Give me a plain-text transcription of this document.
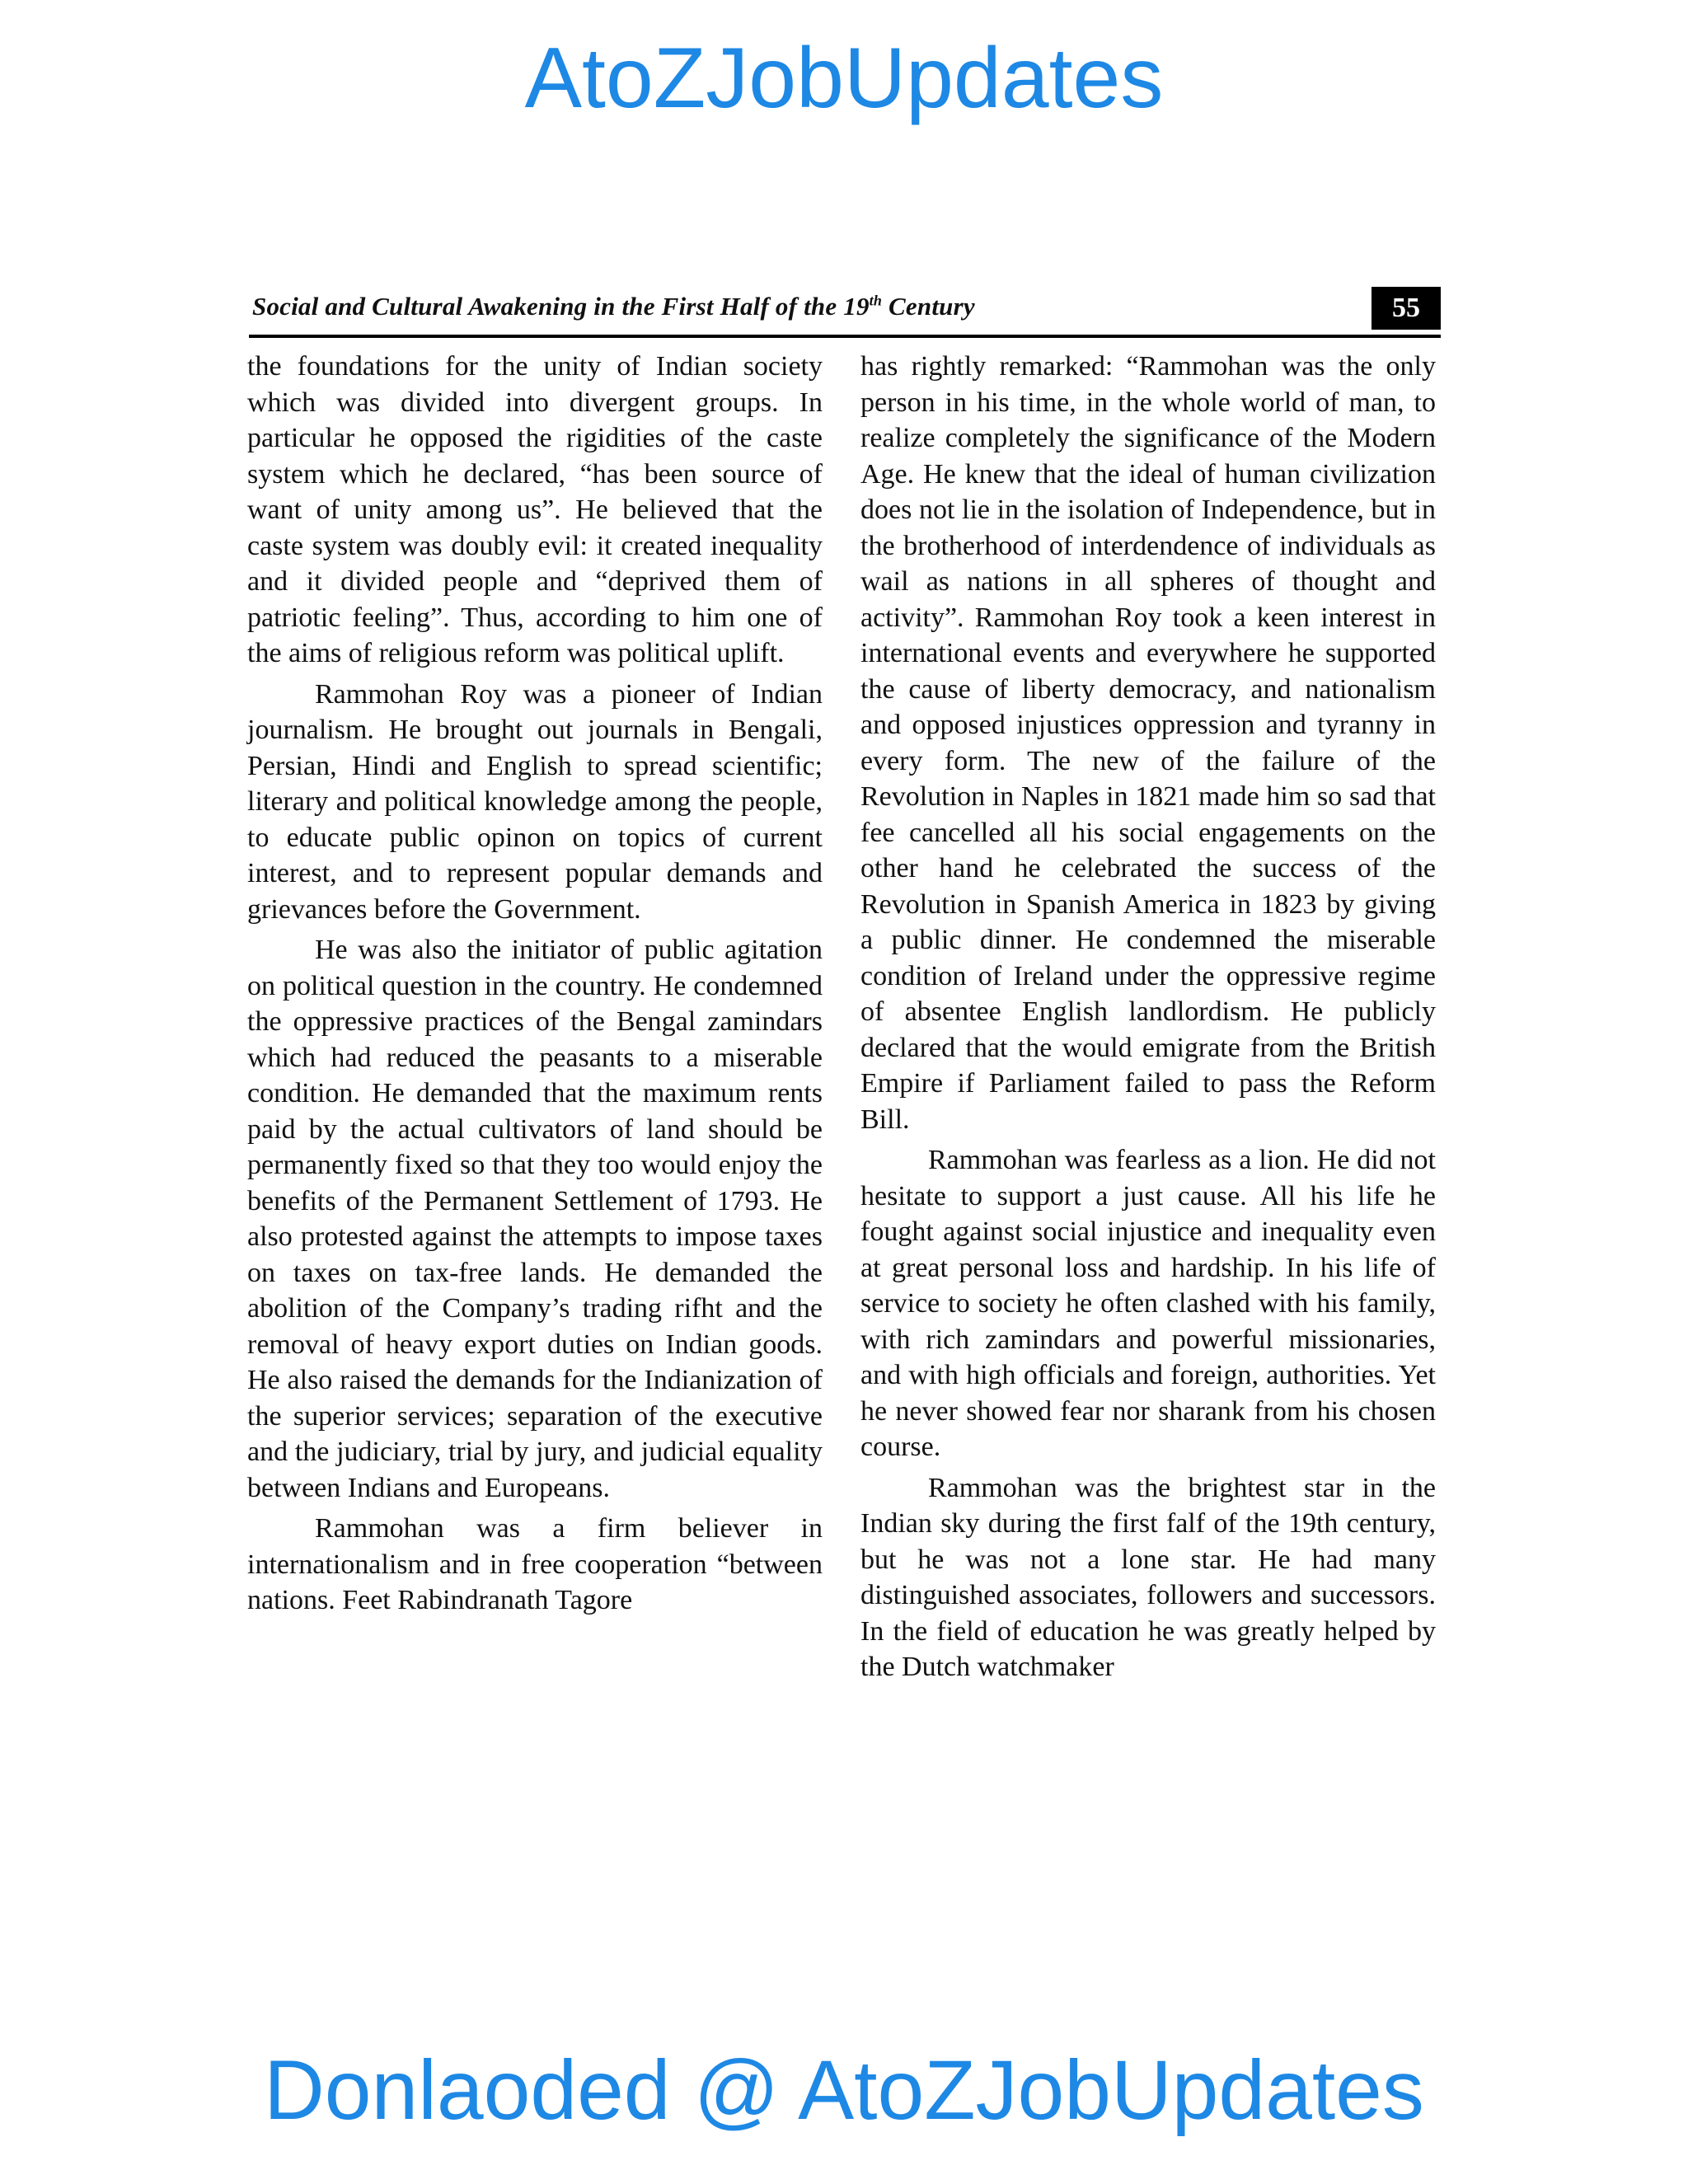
AtoZJobUpdates
Social and Cultural Awakening in the First Half of the 19th Century	55

the foundations for the unity of Indian society which was divided into divergent groups. In particular he opposed the rigidities of the caste system which he declared, “has been source of want of unity among us”. He believed that the caste system was doubly evil: it created inequality and it divided people and “deprived them of patriotic feeling”. Thus, according to him one of the aims of religious reform was political uplift.

Rammohan Roy was a pioneer of Indian journalism. He brought out journals in Bengali, Persian, Hindi and English to spread scientific; literary and political knowledge among the people, to educate public opinon on topics of current interest, and to represent popular demands and grievances before the Government.

He was also the initiator of public agitation on political question in the country. He condemned the oppressive practices of the Bengal zamindars which had reduced the peasants to a miserable condition. He demanded that the maximum rents paid by the actual cultivators of land should be permanently fixed so that they too would enjoy the benefits of the Permanent Settlement of 1793. He also protested against the attempts to impose taxes on taxes on tax-free lands. He demanded the abolition of the Company’s trading rifht and the removal of heavy export duties on Indian goods. He also raised the demands for the Indianization of the superior services; separation of the executive and the judiciary, trial by jury, and judicial equality between Indians and Europeans.

Rammohan was a firm believer in internationalism and in free cooperation “between nations. Feet Rabindranath Tagore

has rightly remarked: “Rammohan was the only person in his time, in the whole world of man, to realize completely the significance of the Modern Age. He knew that the ideal of human civilization does not lie in the isolation of Independence, but in the brotherhood of interdendence of individuals as wail as nations in all spheres of thought and activity”. Rammohan Roy took a keen interest in international events and everywhere he supported the cause of liberty democracy, and nationalism and opposed injustices oppression and tyranny in every form. The new of the failure of the Revolution in Naples in 1821 made him so sad that fee cancelled all his social engagements on the other hand he celebrated the success of the Revolution in Spanish America in 1823 by giving a public dinner. He condemned the miserable condition of Ireland under the oppressive regime of absentee English landlordism. He publicly declared that the would emigrate from the British Empire if Parliament failed to pass the Reform Bill.

Rammohan was fearless as a lion. He did not hesitate to support a just cause. All his life he fought against social injustice and inequality even at great personal loss and hardship. In his life of service to society he often clashed with his family, with rich zamindars and powerful missionaries, and with high officials and foreign, authorities. Yet he never showed fear nor sharank from his chosen course.

Rammohan was the brightest star in the Indian sky during the first falf of the 19th century, but he was not a lone star. He had many distinguished associates, followers and successors. In the field of education he was greatly helped by the Dutch watchmaker

Donlaoded @ AtoZJobUpdates
